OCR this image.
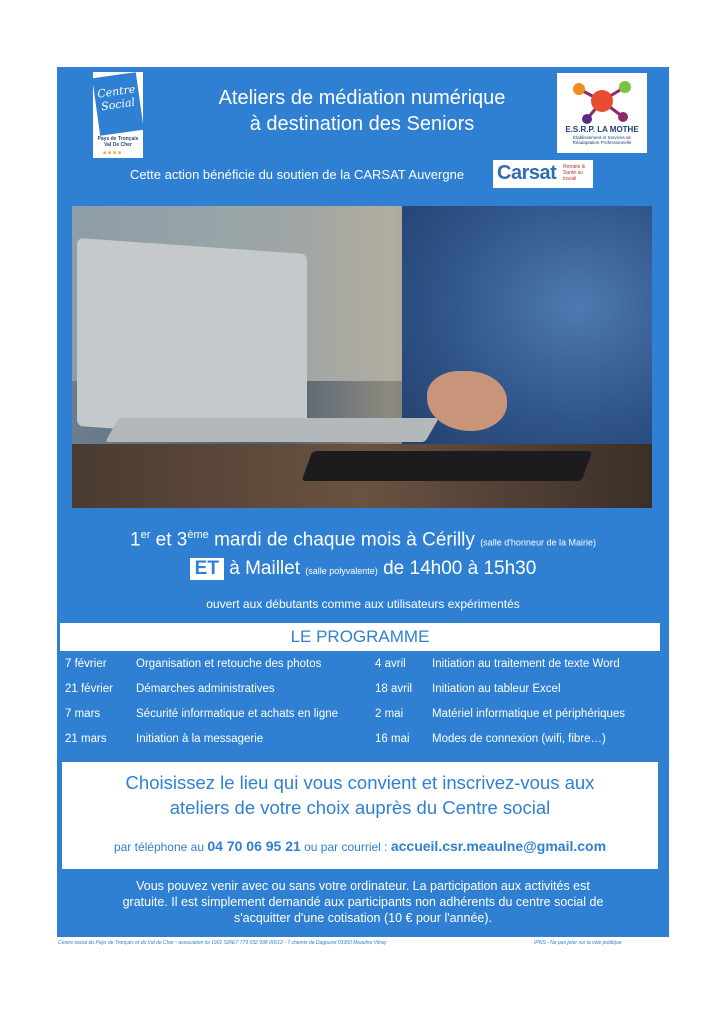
Centre Social
Pays de Tronçais Val De Cher
■■■■
Ateliers de médiation numérique
à destination des Seniors	E.S.R.P. LA MOTHE
Établissement et Services de Réadaptation Professionnelle
Cette action bénéficie du soutien de la CARSAT Auvergne	Carsat Retraite & Santé au travail
1er et 3ème mardi de chaque mois à Cérilly (salle d'honneur de la Mairie)
ET à Maillet (salle polyvalente) de 14h00 à 15h30
ouvert aux débutants comme aux utilisateurs expérimentés
LE PROGRAMME
7 février	Organisation et retouche des photos	4 avril Initiation au traitement de texte Word
21 février Démarches administratives	18 avril Initiation au tableur Excel
7 mars	Sécurité informatique et achats en ligne	2 mai	Matériel informatique et périphériques
21 mars	Initiation à la messagerie	16 mai Modes de connexion (wifi, fibre…)
Choisissez le lieu qui vous convient et inscrivez-vous aux
ateliers de votre choix auprès du Centre social
par téléphone au 04 70 06 95 21 ou par courriel : accueil.csr.meaulne@gmail.com
Vous pouvez venir avec ou sans votre ordinateur. La participation aux activités est
gratuite. Il est simplement demandé aux participants non adhérents du centre social de
s'acquitter d'une cotisation (10 € pour l'année).
Centre social du Pays de Tronçais et du Val de Cher - association loi 1901 SIRET 779 032 938 00012 - 7 chemin de Dagouret 03360 Meaulne Vitray	IPNS - Ne pas jeter sur la voie publique
